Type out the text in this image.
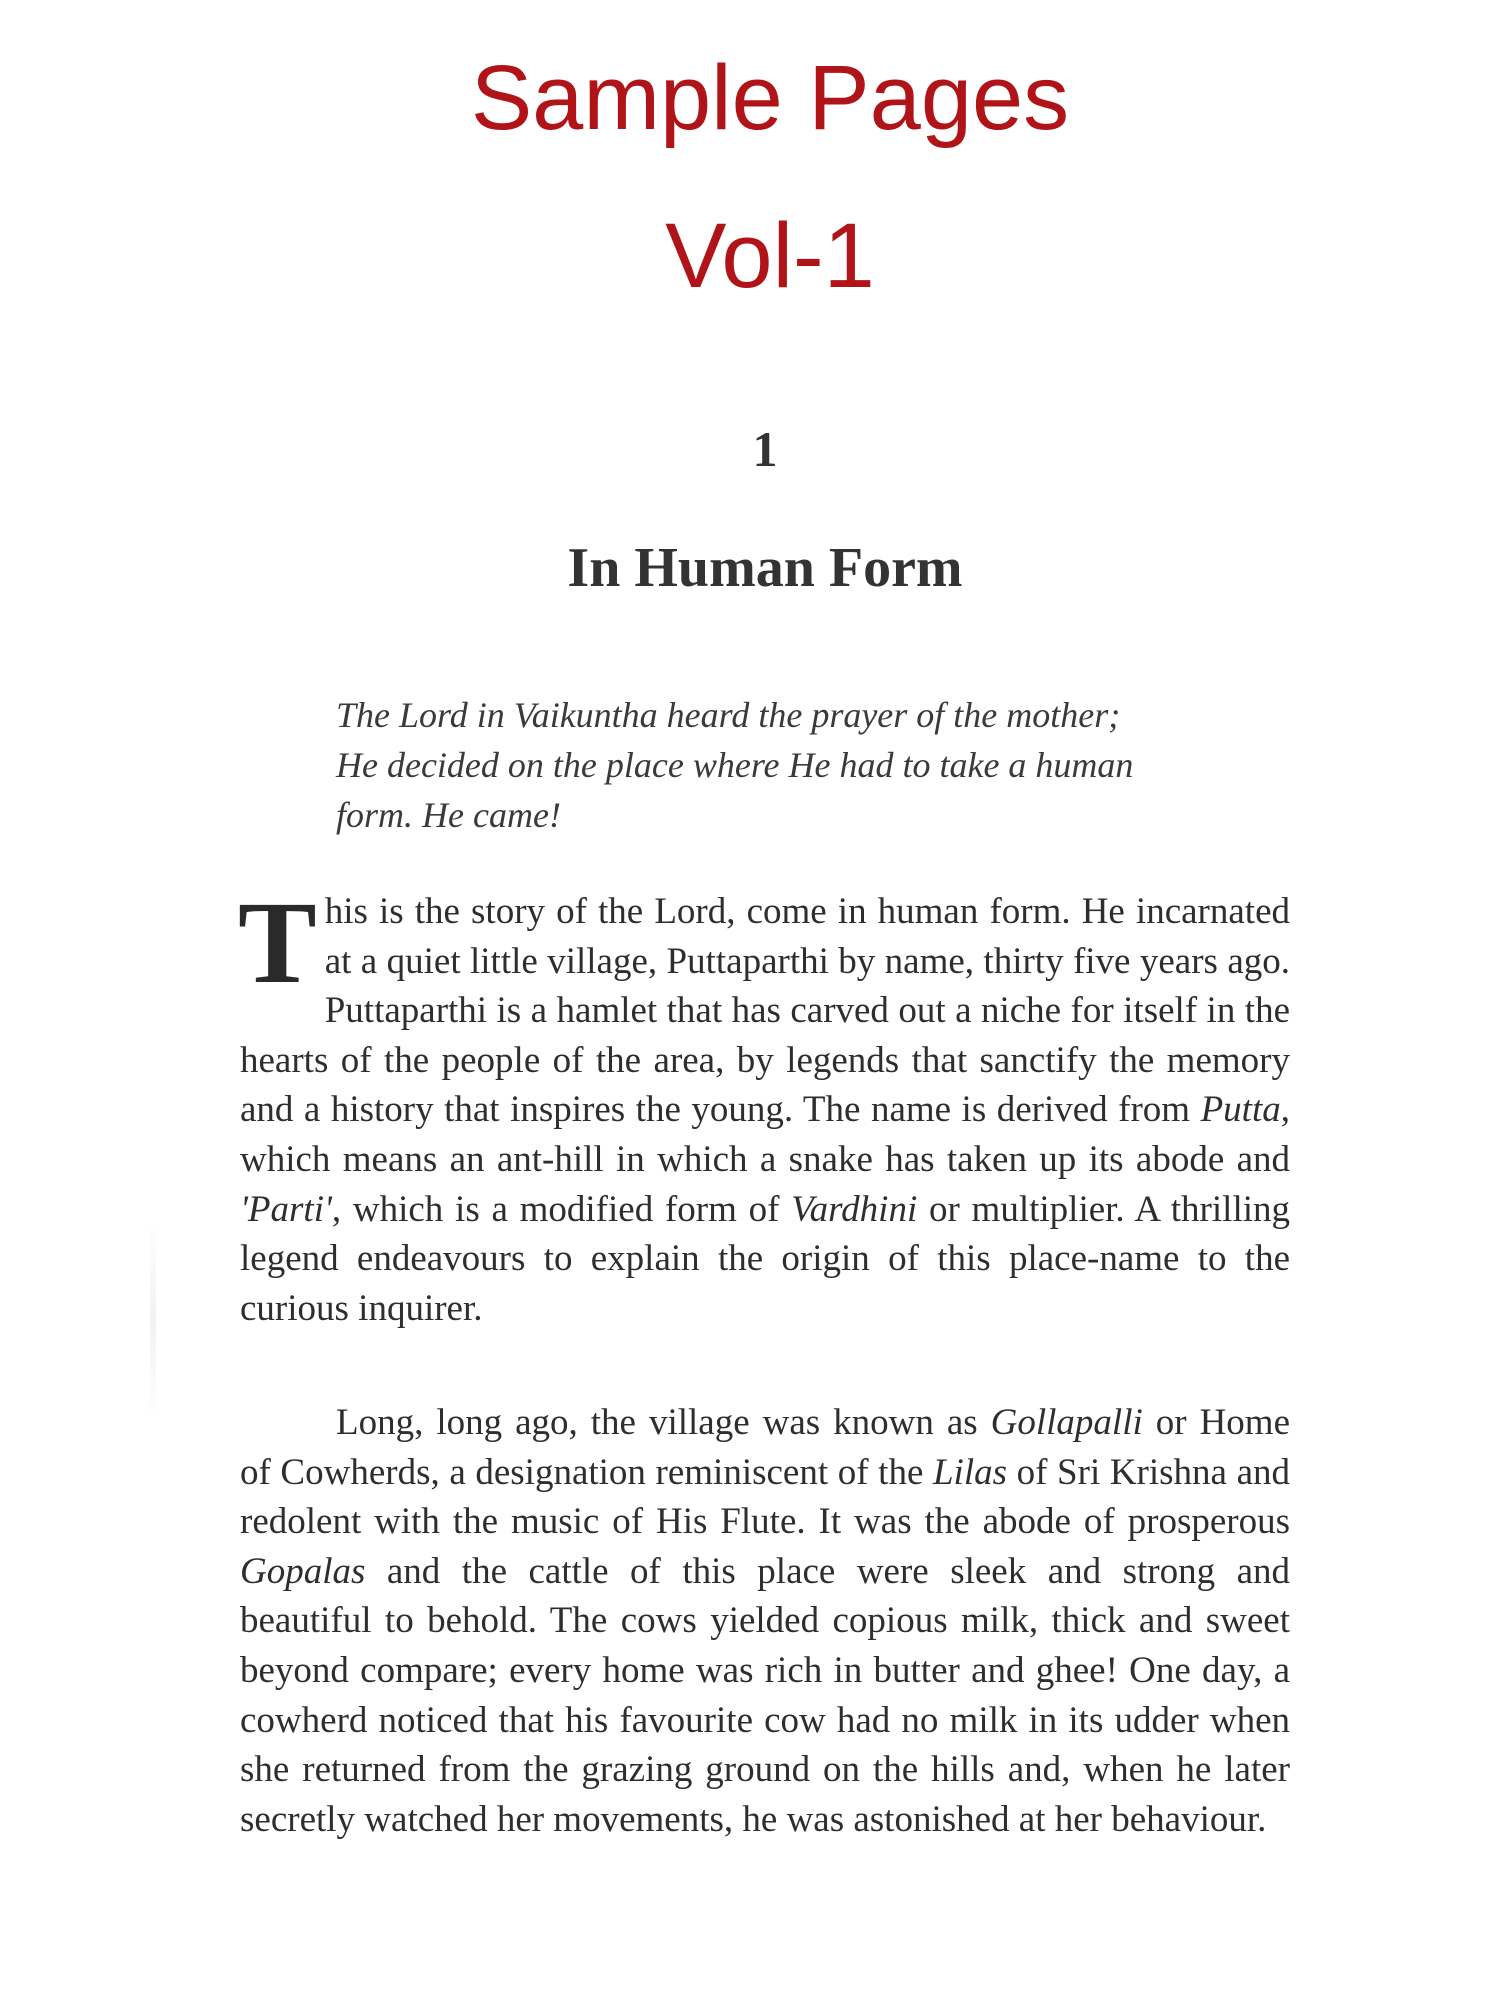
Sample Pages
Vol-1
1
In Human Form

The Lord in Vaikuntha heard the prayer of the mother;
He decided on the place where He had to take a human
form. He came!

This is the story of the Lord, come in human form. He incarnated at a quiet little village, Puttaparthi by name, thirty five years ago. Puttaparthi is a hamlet that has carved out a niche for itself in the hearts of the people of the area, by legends that sanctify the memory and a history that inspires the young. The name is derived from Putta, which means an ant-hill in which a snake has taken up its abode and 'Parti', which is a modified form of Vardhini or multiplier. A thrilling legend endeavours to explain the origin of this place-name to the curious inquirer.

Long, long ago, the village was known as Gollapalli or Home of Cowherds, a designation reminiscent of the Lilas of Sri Krishna and redolent with the music of His Flute. It was the abode of prosperous Gopalas and the cattle of this place were sleek and strong and beautiful to behold. The cows yielded copious milk, thick and sweet beyond compare; every home was rich in butter and ghee! One day, a cowherd noticed that his favourite cow had no milk in its udder when she returned from the grazing ground on the hills and, when he later secretly watched her movements, he was astonished at her behaviour.
